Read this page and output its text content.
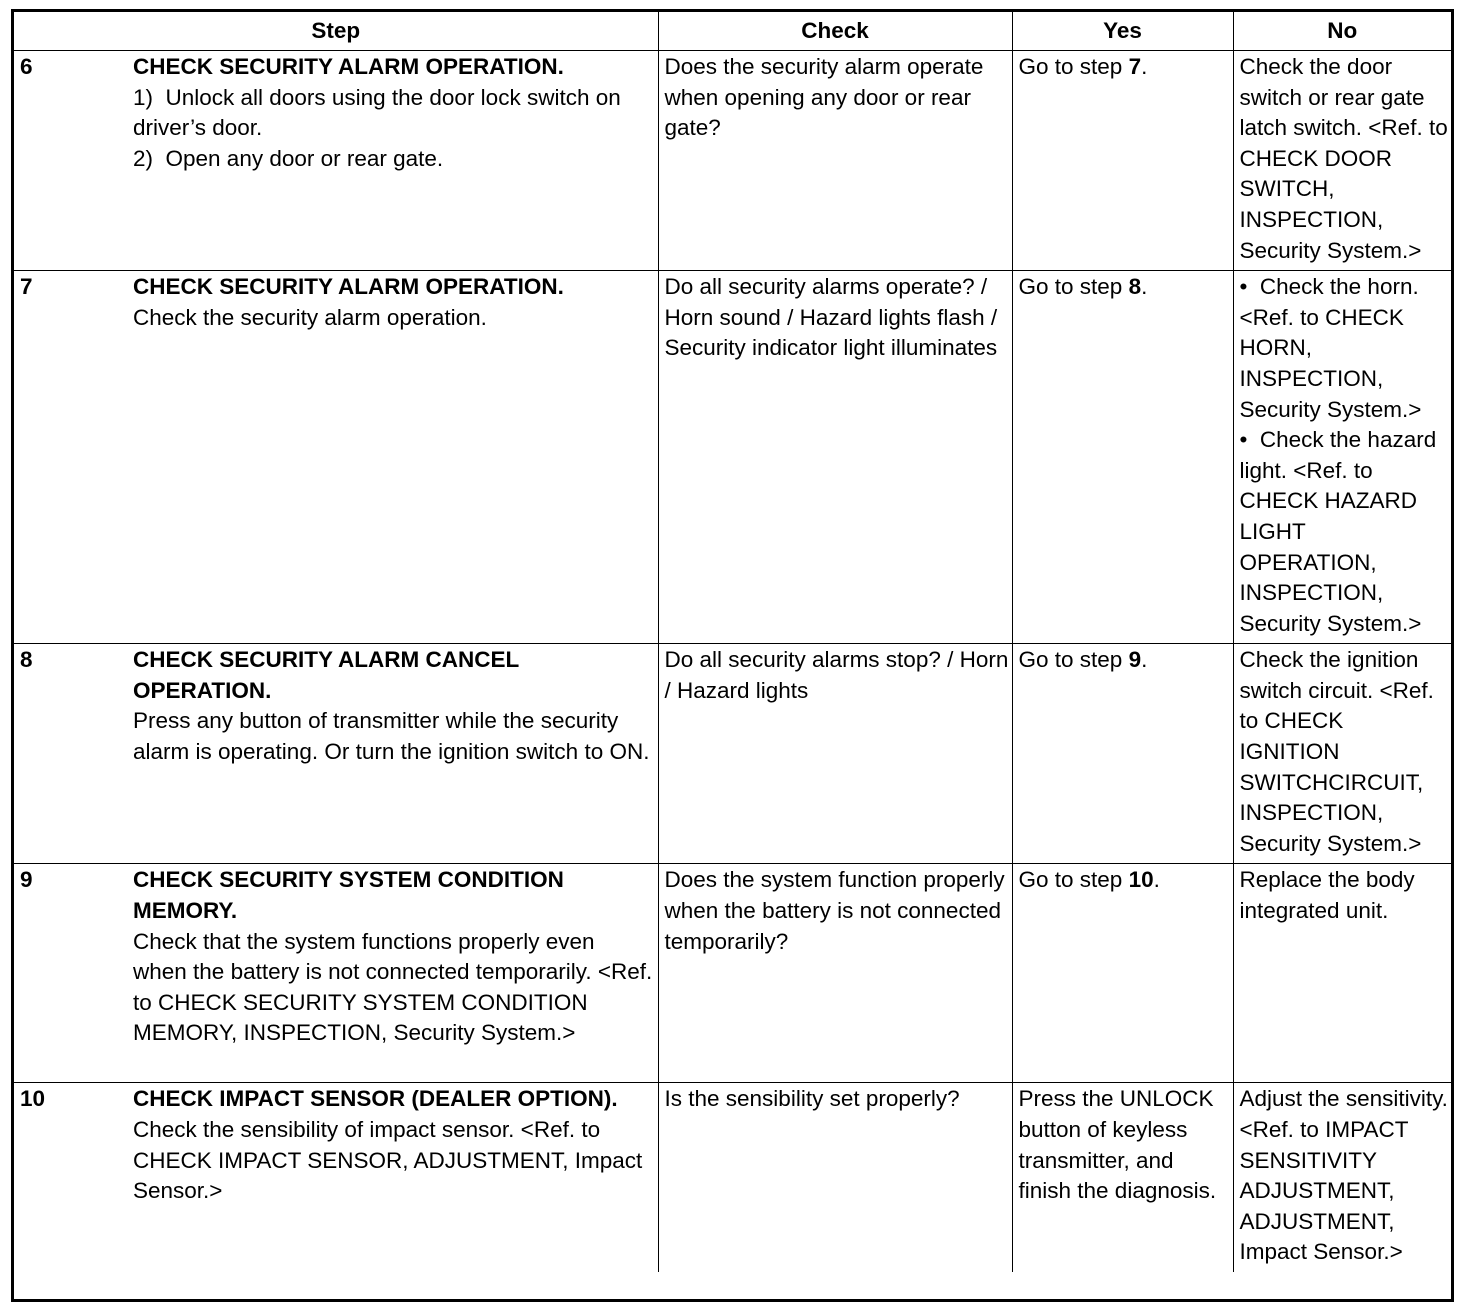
Step	Check	Yes	No

6 CHECK SECURITY ALARM OPERATION.
1)  Unlock all doors using the door lock switch on driver’s door.
2)  Open any door or rear gate.	Does the security alarm operate when opening any door or rear gate?	Go to step 7.	Check the door switch or rear gate latch switch. <Ref. to CHECK DOOR SWITCH, INSPECTION, Security System.>

7 CHECK SECURITY ALARM OPERATION.
Check the security alarm operation.	Do all security alarms operate? / Horn sound / Hazard lights flash / Security indicator light illuminates	Go to step 8.	•  Check the horn. <Ref. to CHECK HORN, INSPECTION, Security System.>
•  Check the hazard light. <Ref. to CHECK HAZARD LIGHT OPERATION, INSPECTION, Security System.>

8 CHECK SECURITY ALARM CANCEL OPERATION.
Press any button of transmitter while the security alarm is operating. Or turn the ignition switch to ON.	Do all security alarms stop? / Horn / Hazard lights	Go to step 9.	Check the ignition switch circuit. <Ref. to CHECK IGNITION SWITCHCIRCUIT, INSPECTION, Security System.>

9 CHECK SECURITY SYSTEM CONDITION MEMORY.
Check that the system functions properly even when the battery is not connected temporarily. <Ref. to CHECK SECURITY SYSTEM CONDITION MEMORY, INSPECTION, Security System.>	Does the system function properly when the battery is not connected temporarily?	Go to step 10.	Replace the body integrated unit.

10 CHECK IMPACT SENSOR (DEALER OPTION).
Check the sensibility of impact sensor. <Ref. to CHECK IMPACT SENSOR, ADJUSTMENT, Impact Sensor.>	Is the sensibility set properly?	Press the UNLOCK button of keyless transmitter, and finish the diagnosis.	Adjust the sensitivity. <Ref. to IMPACT SENSITIVITY ADJUSTMENT, ADJUSTMENT, Impact Sensor.>
